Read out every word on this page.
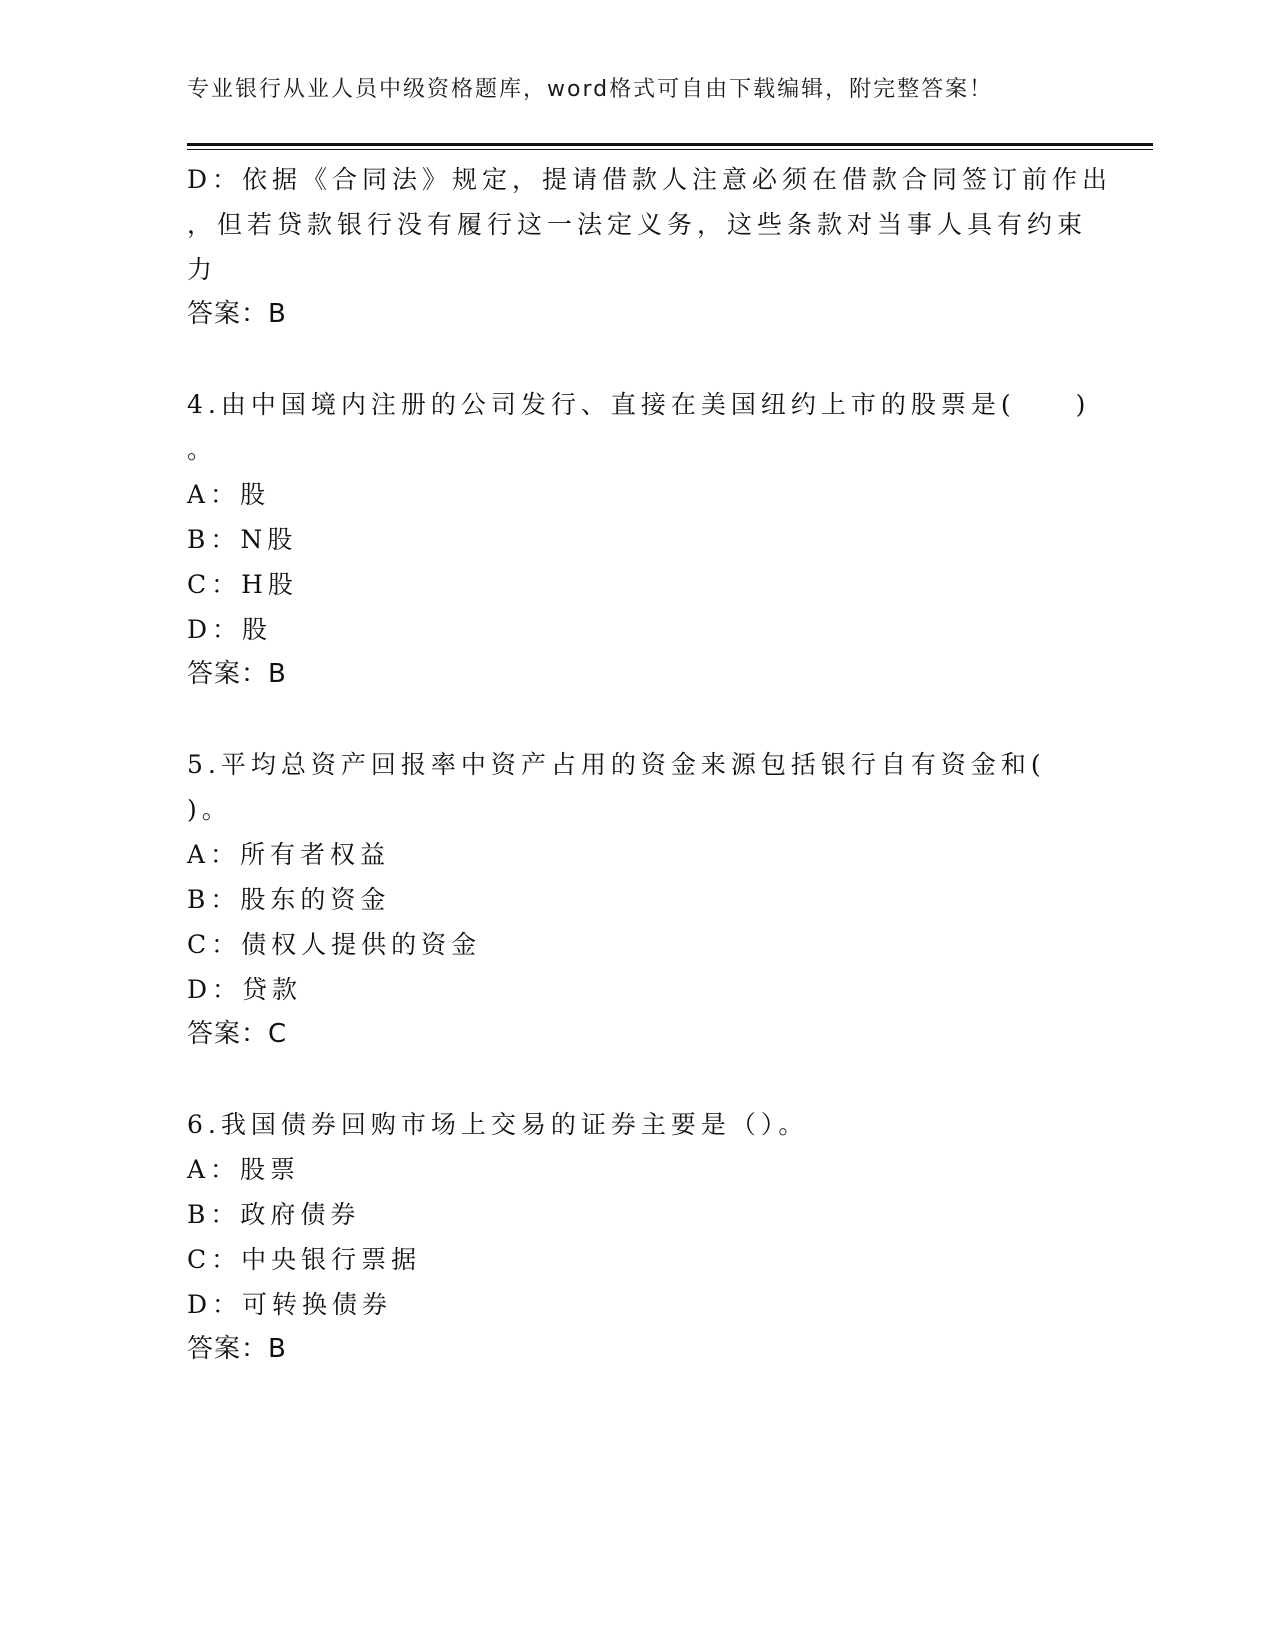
专业银行从业人员中级资格题库，word格式可自由下载编辑，附完整答案！
D：依据《合同法》规定，提请借款人注意必须在借款合同签订前作出
，但若贷款银行没有履行这一法定义务，这些条款对当事人具有约束
力
答案：B
4.由中国境内注册的公司发行、直接在美国纽约上市的股票是(　　)
。
A：股
B：N股
C：H股
D：股
答案：B
5.平均总资产回报率中资产占用的资金来源包括银行自有资金和(
)。
A：所有者权益
B：股东的资金
C：债权人提供的资金
D：贷款
答案：C
6.我国债券回购市场上交易的证券主要是（）。
A：股票
B：政府债券
C：中央银行票据
D：可转换债券
答案：B
